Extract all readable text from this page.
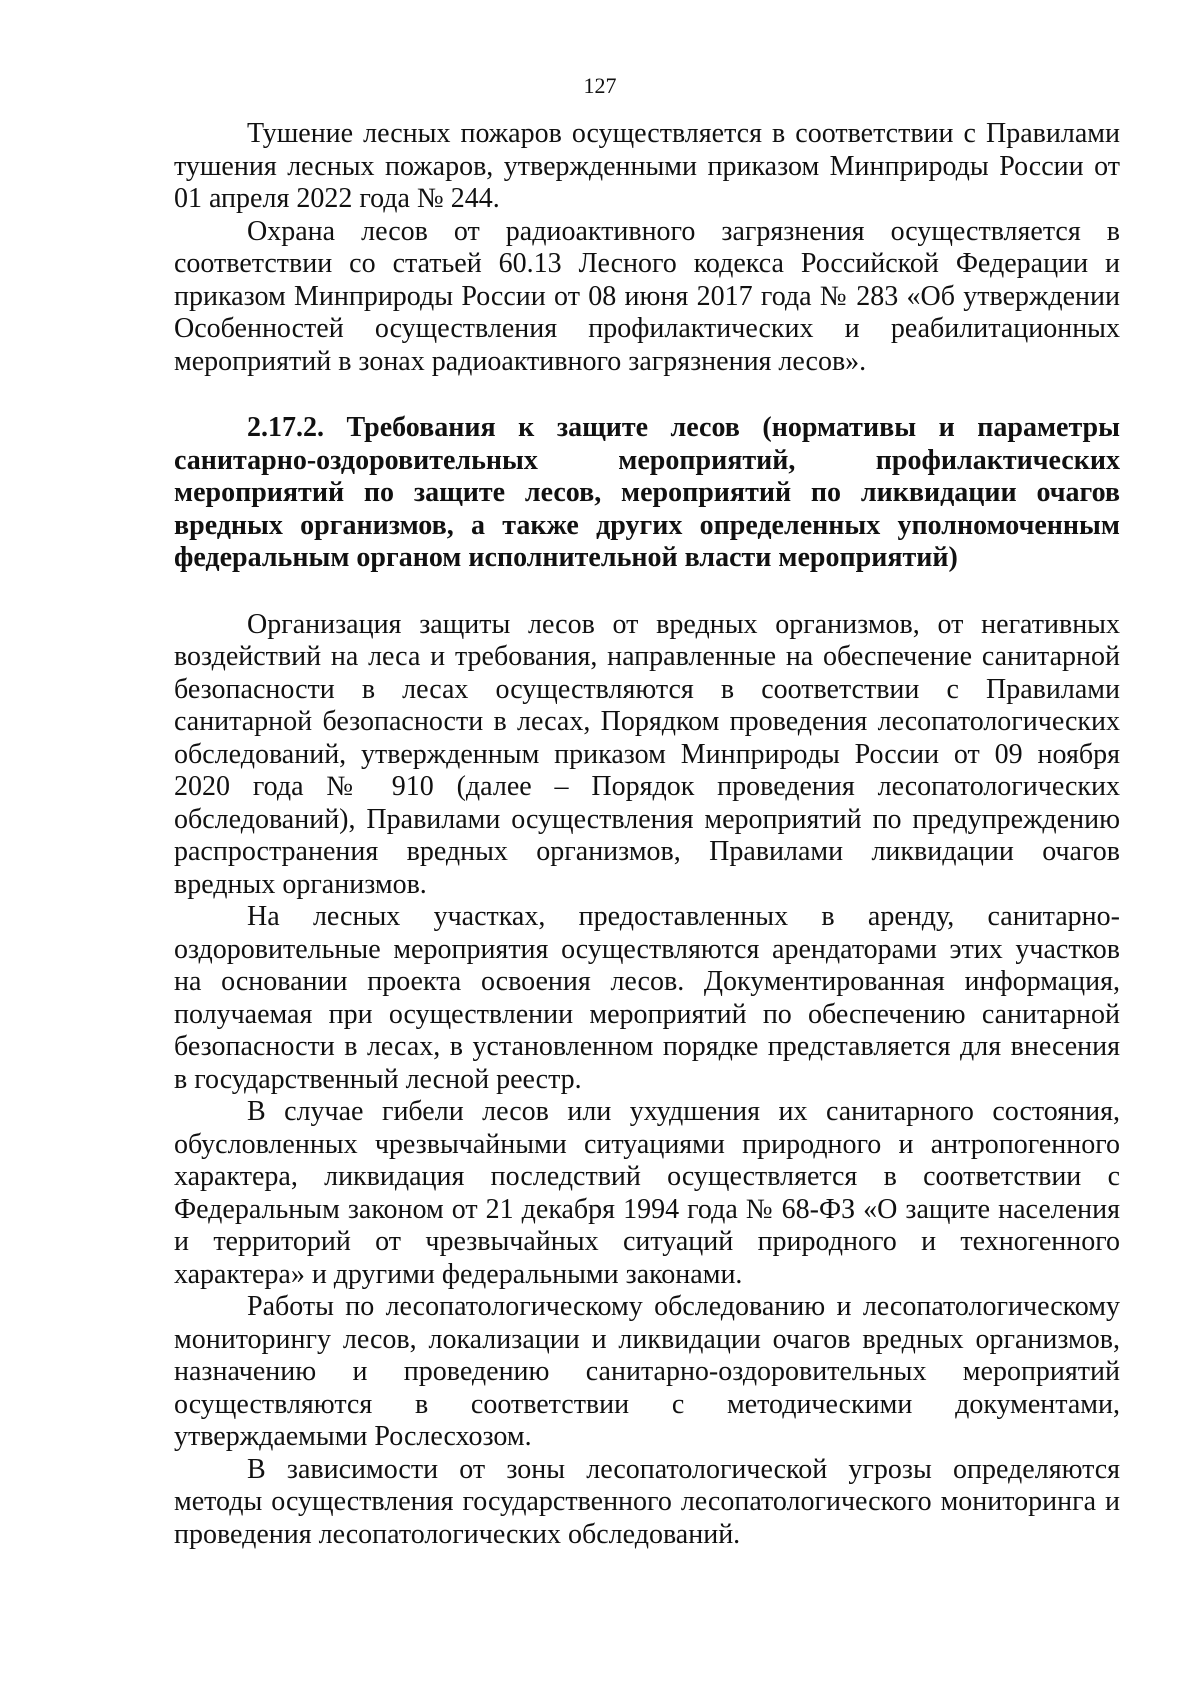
127

Тушение лесных пожаров осуществляется в соответствии с Правилами тушения лесных пожаров, утвержденными приказом Минприроды России от 01 апреля 2022 года № 244.

Охрана лесов от радиоактивного загрязнения осуществляется в соответствии со статьей 60.13 Лесного кодекса Российской Федерации и приказом Минприроды России от 08 июня 2017 года № 283 «Об утверждении Особенностей осуществления профилактических и реабилитационных мероприятий в зонах радиоактивного загрязнения лесов».

2.17.2. Требования к защите лесов (нормативы и параметры санитарно-оздоровительных мероприятий, профилактических мероприятий по защите лесов, мероприятий по ликвидации очагов вредных организмов, а также других определенных уполномоченным федеральным органом исполнительной власти мероприятий)

Организация защиты лесов от вредных организмов, от негативных воздействий на леса и требования, направленные на обеспечение санитарной безопасности в лесах осуществляются в соответствии с Правилами санитарной безопасности в лесах, Порядком проведения лесопатологических обследований, утвержденным приказом Минприроды России от 09 ноября 2020 года № 910 (далее – Порядок проведения лесопатологических обследований), Правилами осуществления мероприятий по предупреждению распространения вредных организмов, Правилами ликвидации очагов вредных организмов.

На лесных участках, предоставленных в аренду, санитарно-оздоровительные мероприятия осуществляются арендаторами этих участков на основании проекта освоения лесов. Документированная информация, получаемая при осуществлении мероприятий по обеспечению санитарной безопасности в лесах, в установленном порядке представляется для внесения в государственный лесной реестр.

В случае гибели лесов или ухудшения их санитарного состояния, обусловленных чрезвычайными ситуациями природного и антропогенного характера, ликвидация последствий осуществляется в соответствии с Федеральным законом от 21 декабря 1994 года № 68-ФЗ «О защите населения и территорий от чрезвычайных ситуаций природного и техногенного характера» и другими федеральными законами.

Работы по лесопатологическому обследованию и лесопатологическому мониторингу лесов, локализации и ликвидации очагов вредных организмов, назначению и проведению санитарно-оздоровительных мероприятий осуществляются в соответствии с методическими документами, утверждаемыми Рослесхозом.

В зависимости от зоны лесопатологической угрозы определяются методы осуществления государственного лесопатологического мониторинга и проведения лесопатологических обследований.
